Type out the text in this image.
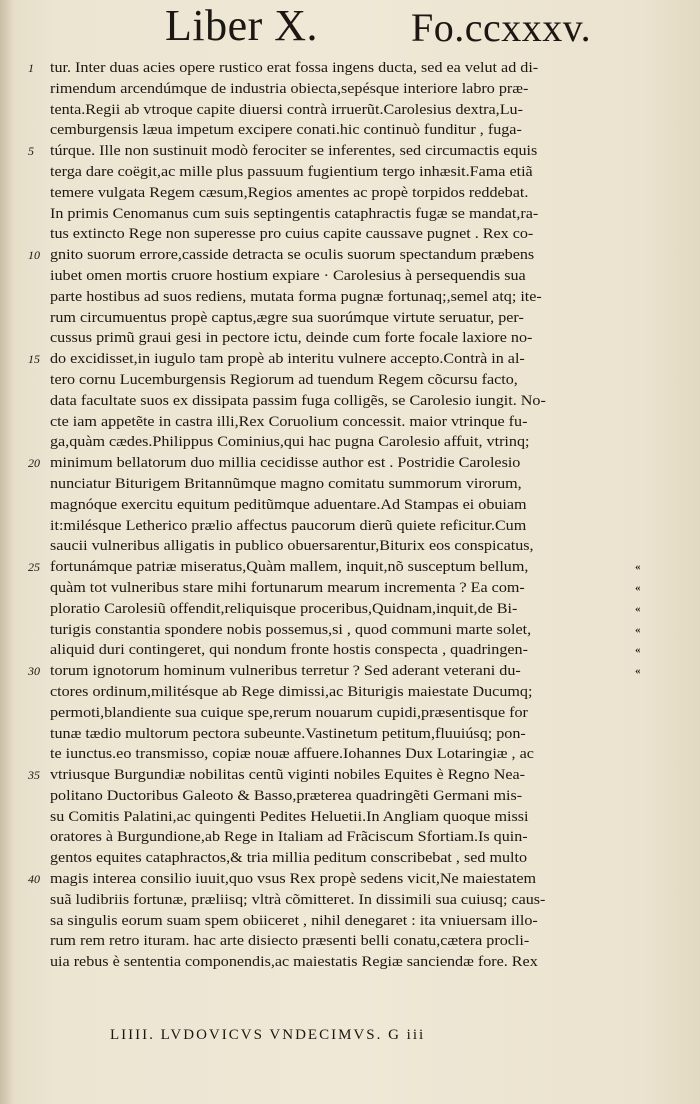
Liber X. Fo.ccxxxv.
1 tur. Inter duas acies opere rustico erat fossa ingens ducta, sed ea velut ad di-
rimendum arcendúmque de industria obiecta,sepésque interiore labro præ-
tenta.Regii ab vtroque capite diuersi contrà irruerũt.Carolesius dextra,Lu-
cemburgensis læua impetum excipere conati.hic continuò funditur , fuga-
5 túrque. Ille non sustinuit modò ferociter se inferentes, sed circumactis equis
terga dare coëgit,ac mille plus passuum fugientium tergo inhæsit.Fama etiã
temere vulgata Regem cæsum,Regios amentes ac propè torpidos reddebat.
In primis Cenomanus cum suis septingentis cataphractis fugæ se mandat,ra-
tus extincto Rege non superesse pro cuius capite caussave pugnet . Rex co-
10 gnito suorum errore,casside detracta se oculis suorum spectandum præbens
iubet omen mortis cruore hostium expiare · Carolesius à persequendis sua
parte hostibus ad suos rediens, mutata forma pugnæ fortunaq;,semel atq; ite-
rum circumuentus propè captus,ægre sua suorúmque virtute seruatur, per-
cussus primũ graui gesi in pectore ictu, deinde cum forte focale laxiore no-
15 do excidisset,in iugulo tam propè ab interitu vulnere accepto.Contrà in al-
tero cornu Lucemburgensis Regiorum ad tuendum Regem cõcursu facto,
data facultate suos ex dissipata passim fuga colligẽs, se Carolesio iungit. No-
cte iam appetẽte in castra illi,Rex Coruolium concessit. maior vtrinque fu-
ga,quàm cædes.Philippus Cominius,qui hac pugna Carolesio affuit, vtrinq;
20 minimum bellatorum duo millia cecidisse author est . Postridie Carolesio
nunciatur Biturigem Britannũmque magno comitatu summorum virorum,
magnóque exercitu equitum peditũmque aduentare.Ad Stampas ei obuiam
it:milésque Letherico prælio affectus paucorum dierũ quiete reficitur.Cum
saucii vulneribus alligatis in publico obuersarentur,Biturix eos conspicatus,
25 fortunámque patriæ miseratus,Quàm mallem, inquit,nõ susceptum bellum,	«
quàm tot vulneribus stare mihi fortunarum mearum incrementa ? Ea com-	«
ploratio Carolesiũ offendit,reliquisque proceribus,Quidnam,inquit,de Bi-	«
turigis constantia spondere nobis possemus,si , quod communi marte solet,	«
aliquid duri contingeret, qui nondum fronte hostis conspecta , quadringen-	«
30 torum ignotorum hominum vulneribus terretur ? Sed aderant veterani du-	«
ctores ordinum,militésque ab Rege dimissi,ac Biturigis maiestate Ducumq;
permoti,blandiente sua cuique spe,rerum nouarum cupidi,præsentisque for
tunæ tædio multorum pectora subeunte.Vastinetum petitum,fluuiúsq; pon-
te iunctus.eo transmisso, copiæ nouæ affuere.Iohannes Dux Lotaringiæ , ac
35 vtriusque Burgundiæ nobilitas centũ viginti nobiles Equites è Regno Nea-
politano Ductoribus Galeoto & Basso,præterea quadringẽti Germani mis-
su Comitis Palatini,ac quingenti Pedites Heluetii.In Angliam quoque missi
oratores à Burgundione,ab Rege in Italiam ad Frãciscum Sfortiam.Is quin-
gentos equites cataphractos,& tria millia peditum conscribebat , sed multo
40 magis interea consilio iuuit,quo vsus Rex propè sedens vicit,Ne maiestatem
suã ludibriis fortunæ, præliisq; vltrà cõmitteret. In dissimili sua cuiusq; caus-
sa singulis eorum suam spem obiiceret , nihil denegaret : ita vniuersam illo-
rum rem retro ituram. hac arte disiecto præsenti belli conatu,cætera procli-
uia rebus è sententia componendis,ac maiestatis Regiæ sanciendæ fore. Rex
LIIII. LVDOVICVS VNDECIMVS. G iii
